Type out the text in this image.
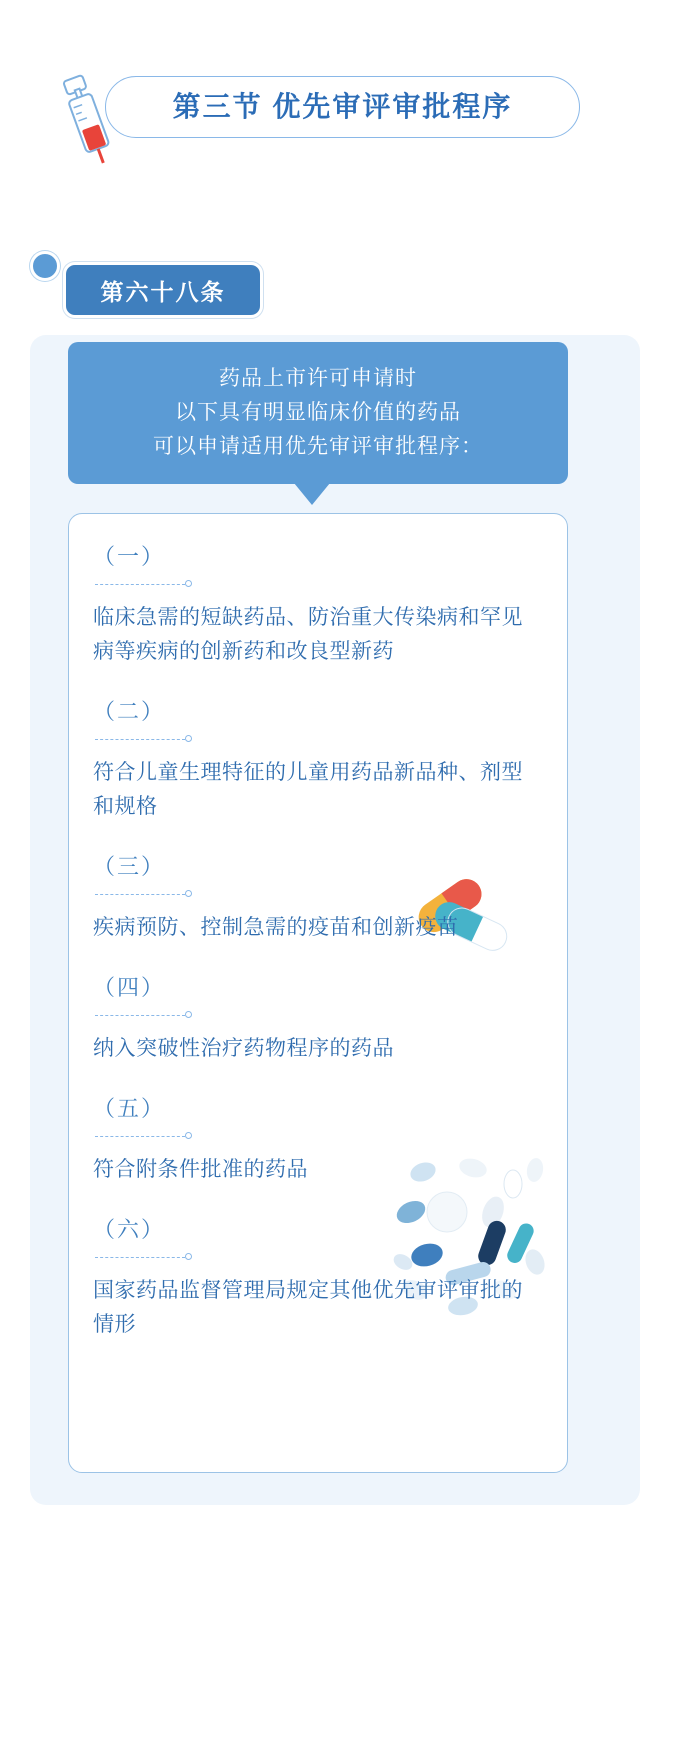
第三节 优先审评审批程序
第六十八条
药品上市许可申请时
以下具有明显临床价值的药品
可以申请适用优先审评审批程序：
（一）
临床急需的短缺药品、防治重大传染病和罕见病等疾病的创新药和改良型新药
（二）
符合儿童生理特征的儿童用药品新品种、剂型和规格
（三）
疾病预防、控制急需的疫苗和创新疫苗
（四）
纳入突破性治疗药物程序的药品
（五）
符合附条件批准的药品
（六）
国家药品监督管理局规定其他优先审评审批的情形
